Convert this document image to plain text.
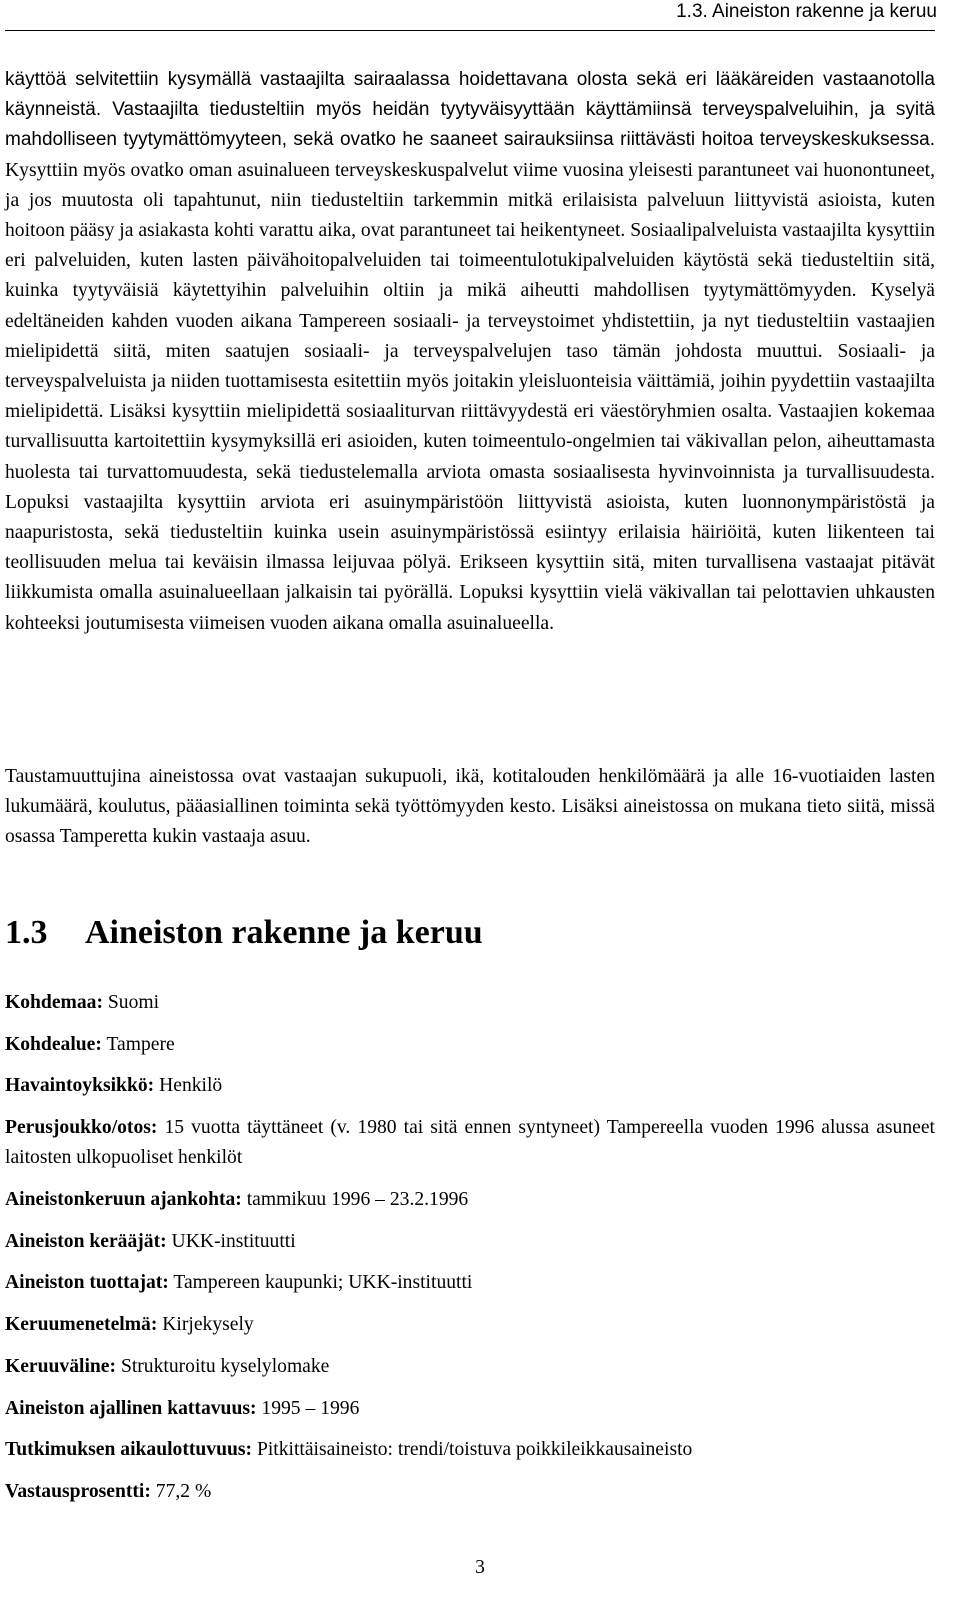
1.3. Aineiston rakenne ja keruu

käyttöä selvitettiin kysymällä vastaajilta sairaalassa hoidettavana olosta sekä eri lääkäreiden vastaanotolla käynneistä. Vastaajilta tiedusteltiin myös heidän tyytyväisyyttään käyttämiinsä terveyspalveluihin, ja syitä mahdolliseen tyytymättömyyteen, sekä ovatko he saaneet sairauksiinsa riittävästi hoitoa terveyskeskuksessa. Kysyttiin myös ovatko oman asuinalueen terveyskeskuspalvelut viime vuosina yleisesti parantuneet vai huonontuneet, ja jos muutosta oli tapahtunut, niin tiedusteltiin tarkemmin mitkä erilaisista palveluun liittyvistä asioista, kuten hoitoon pääsy ja asiakasta kohti varattu aika, ovat parantuneet tai heikentyneet. Sosiaalipalveluista vastaajilta kysyttiin eri palveluiden, kuten lasten päivähoitopalveluiden tai toimeentulotukipalveluiden käytöstä sekä tiedusteltiin sitä, kuinka tyytyväisiä käytettyihin palveluihin oltiin ja mikä aiheutti mahdollisen tyytymättömyyden. Kyselyä edeltäneiden kahden vuoden aikana Tampereen sosiaali- ja terveystoimet yhdistettiin, ja nyt tiedusteltiin vastaajien mielipidettä siitä, miten saatujen sosiaali- ja terveyspalvelujen taso tämän johdosta muuttui. Sosiaali- ja terveyspalveluista ja niiden tuottamisesta esitettiin myös joitakin yleisluonteisia väittämiä, joihin pyydettiin vastaajilta mielipidettä. Lisäksi kysyttiin mielipidettä sosiaaliturvan riittävyydestä eri väestöryhmien osalta. Vastaajien kokemaa turvallisuutta kartoitettiin kysymyksillä eri asioiden, kuten toimeentulo-ongelmien tai väkivallan pelon, aiheuttamasta huolesta tai turvattomuudesta, sekä tiedustelemalla arviota omasta sosiaalisesta hyvinvoinnista ja turvallisuudesta. Lopuksi vastaajilta kysyttiin arviota eri asuinympäristöön liittyvistä asioista, kuten luonnonympäristöstä ja naapuristosta, sekä tiedusteltiin kuinka usein asuinympäristössä esiintyy erilaisia häiriöitä, kuten liikenteen tai teollisuuden melua tai keväisin ilmassa leijuvaa pölyä. Erikseen kysyttiin sitä, miten turvallisena vastaajat pitävät liikkumista omalla asuinalueellaan jalkaisin tai pyörällä. Lopuksi kysyttiin vielä väkivallan tai pelottavien uhkausten kohteeksi joutumisesta viimeisen vuoden aikana omalla asuinalueella.

Taustamuuttujina aineistossa ovat vastaajan sukupuoli, ikä, kotitalouden henkilömäärä ja alle 16-vuotiaiden lasten lukumäärä, koulutus, pääasiallinen toiminta sekä työttömyyden kesto. Lisäksi aineistossa on mukana tieto siitä, missä osassa Tamperetta kukin vastaaja asuu.

1.3 Aineiston rakenne ja keruu

Kohdemaa: Suomi

Kohdealue: Tampere

Havaintoyksikkö: Henkilö

Perusjoukko/otos: 15 vuotta täyttäneet (v. 1980 tai sitä ennen syntyneet) Tampereella vuoden 1996 alussa asuneet laitosten ulkopuoliset henkilöt

Aineistonkeruun ajankohta: tammikuu 1996 – 23.2.1996

Aineiston kerääjät: UKK-instituutti

Aineiston tuottajat: Tampereen kaupunki; UKK-instituutti

Keruumenetelmä: Kirjekysely

Keruuväline: Strukturoitu kyselylomake

Aineiston ajallinen kattavuus: 1995 – 1996

Tutkimuksen aikaulottuvuus: Pitkittäisaineisto: trendi/toistuva poikkileikkausaineisto

Vastausprosentti: 77,2 %

3
